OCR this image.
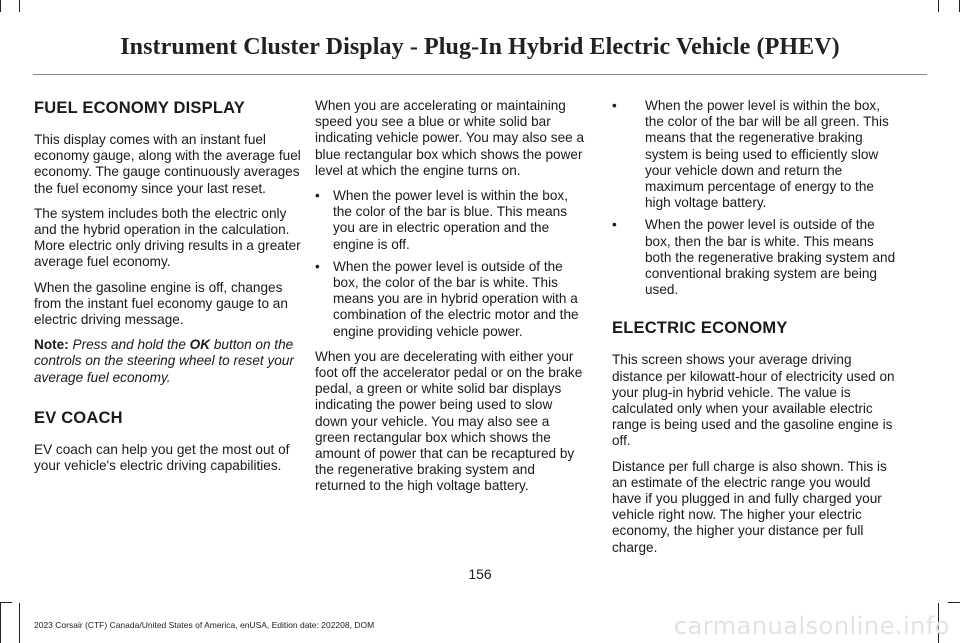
Instrument Cluster Display - Plug-In Hybrid Electric Vehicle (PHEV)
FUEL ECONOMY DISPLAY

This display comes with an instant fuel economy gauge, along with the average fuel economy. The gauge continuously averages the fuel economy since your last reset.

The system includes both the electric only and the hybrid operation in the calculation. More electric only driving results in a greater average fuel economy.

When the gasoline engine is off, changes from the instant fuel economy gauge to an electric driving message.

Note: Press and hold the OK button on the controls on the steering wheel to reset your average fuel economy.

EV COACH

EV coach can help you get the most out of your vehicle's electric driving capabilities.

When you are accelerating or maintaining speed you see a blue or white solid bar indicating vehicle power. You may also see a blue rectangular box which shows the power level at which the engine turns on.

• When the power level is within the box, the color of the bar is blue. This means you are in electric operation and the engine is off.
• When the power level is outside of the box, the color of the bar is white. This means you are in hybrid operation with a combination of the electric motor and the engine providing vehicle power.

When you are decelerating with either your foot off the accelerator pedal or on the brake pedal, a green or white solid bar displays indicating the power being used to slow down your vehicle. You may also see a green rectangular box which shows the amount of power that can be recaptured by the regenerative braking system and returned to the high voltage battery.

• When the power level is within the box, the color of the bar will be all green. This means that the regenerative braking system is being used to efficiently slow your vehicle down and return the maximum percentage of energy to the high voltage battery.
• When the power level is outside of the box, then the bar is white. This means both the regenerative braking system and conventional braking system are being used.
ELECTRIC ECONOMY

This screen shows your average driving distance per kilowatt-hour of electricity used on your plug-in hybrid vehicle. The value is calculated only when your available electric range is being used and the gasoline engine is off.

Distance per full charge is also shown. This is an estimate of the electric range you would have if you plugged in and fully charged your vehicle right now. The higher your electric economy, the higher your distance per full charge.

156
2023 Corsair (CTF) Canada/United States of America, enUSA, Edition date: 202208, DOM	carmanualsonline.info
